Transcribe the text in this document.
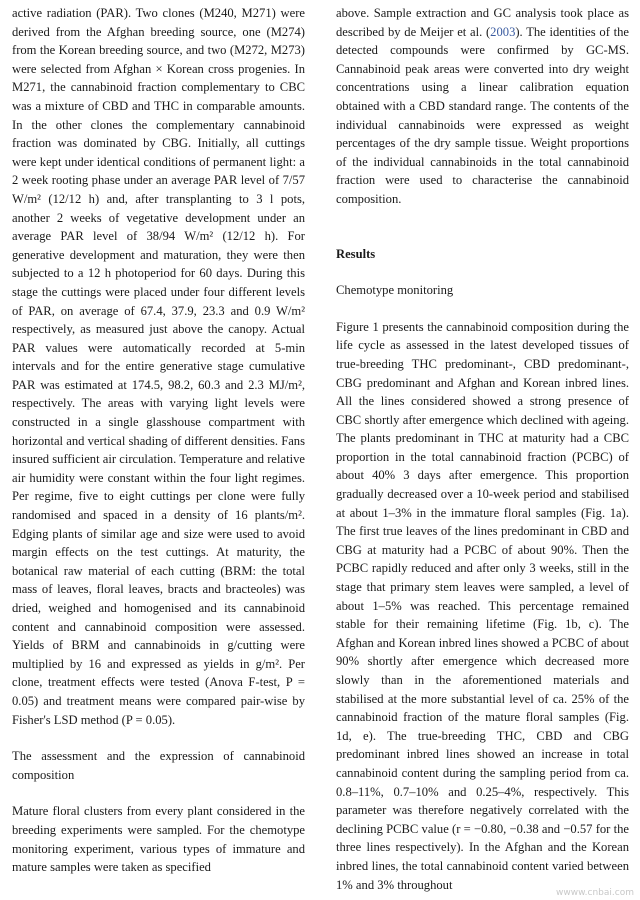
active radiation (PAR). Two clones (M240, M271) were derived from the Afghan breeding source, one (M274) from the Korean breeding source, and two (M272, M273) were selected from Afghan × Korean cross progenies. In M271, the cannabinoid fraction complementary to CBC was a mixture of CBD and THC in comparable amounts. In the other clones the complementary cannabinoid fraction was dominated by CBG. Initially, all cuttings were kept under identical conditions of permanent light: a 2 week rooting phase under an average PAR level of 7/57 W/m² (12/12 h) and, after transplanting to 3 l pots, another 2 weeks of vegetative development under an average PAR level of 38/94 W/m² (12/12 h). For generative development and maturation, they were then subjected to a 12 h photoperiod for 60 days. During this stage the cuttings were placed under four different levels of PAR, on average of 67.4, 37.9, 23.3 and 0.9 W/m² respectively, as measured just above the canopy. Actual PAR values were automatically recorded at 5-min intervals and for the entire generative stage cumulative PAR was estimated at 174.5, 98.2, 60.3 and 2.3 MJ/m², respectively. The areas with varying light levels were constructed in a single glasshouse compartment with horizontal and vertical shading of different densities. Fans insured sufficient air circulation. Temperature and relative air humidity were constant within the four light regimes. Per regime, five to eight cuttings per clone were fully randomised and spaced in a density of 16 plants/m². Edging plants of similar age and size were used to avoid margin effects on the test cuttings. At maturity, the botanical raw material of each cutting (BRM: the total mass of leaves, floral leaves, bracts and bracteoles) was dried, weighed and homogenised and its cannabinoid content and cannabinoid composition were assessed. Yields of BRM and cannabinoids in g/cutting were multiplied by 16 and expressed as yields in g/m². Per clone, treatment effects were tested (Anova F-test, P = 0.05) and treatment means were compared pair-wise by Fisher's LSD method (P = 0.05).

The assessment and the expression of cannabinoid composition

Mature floral clusters from every plant considered in the breeding experiments were sampled. For the chemotype monitoring experiment, various types of immature and mature samples were taken as specified

above. Sample extraction and GC analysis took place as described by de Meijer et al. (2003). The identities of the detected compounds were confirmed by GC-MS. Cannabinoid peak areas were converted into dry weight concentrations using a linear calibration equation obtained with a CBD standard range. The contents of the individual cannabinoids were expressed as weight percentages of the dry sample tissue. Weight proportions of the individual cannabinoids in the total cannabinoid fraction were used to characterise the cannabinoid composition.

Results

Chemotype monitoring

Figure 1 presents the cannabinoid composition during the life cycle as assessed in the latest developed tissues of true-breeding THC predominant-, CBD predominant-, CBG predominant and Afghan and Korean inbred lines. All the lines considered showed a strong presence of CBC shortly after emergence which declined with ageing. The plants predominant in THC at maturity had a CBC proportion in the total cannabinoid fraction (PCBC) of about 40% 3 days after emergence. This proportion gradually decreased over a 10-week period and stabilised at about 1–3% in the immature floral samples (Fig. 1a). The first true leaves of the lines predominant in CBD and CBG at maturity had a PCBC of about 90%. Then the PCBC rapidly reduced and after only 3 weeks, still in the stage that primary stem leaves were sampled, a level of about 1–5% was reached. This percentage remained stable for their remaining lifetime (Fig. 1b, c). The Afghan and Korean inbred lines showed a PCBC of about 90% shortly after emergence which decreased more slowly than in the aforementioned materials and stabilised at the more substantial level of ca. 25% of the cannabinoid fraction of the mature floral samples (Fig. 1d, e). The true-breeding THC, CBD and CBG predominant inbred lines showed an increase in total cannabinoid content during the sampling period from ca. 0.8–11%, 0.7–10% and 0.25–4%, respectively. This parameter was therefore negatively correlated with the declining PCBC value (r = −0.80, −0.38 and −0.57 for the three lines respectively). In the Afghan and the Korean inbred lines, the total cannabinoid content varied between 1% and 3% throughout

wwww.cnbai.com
